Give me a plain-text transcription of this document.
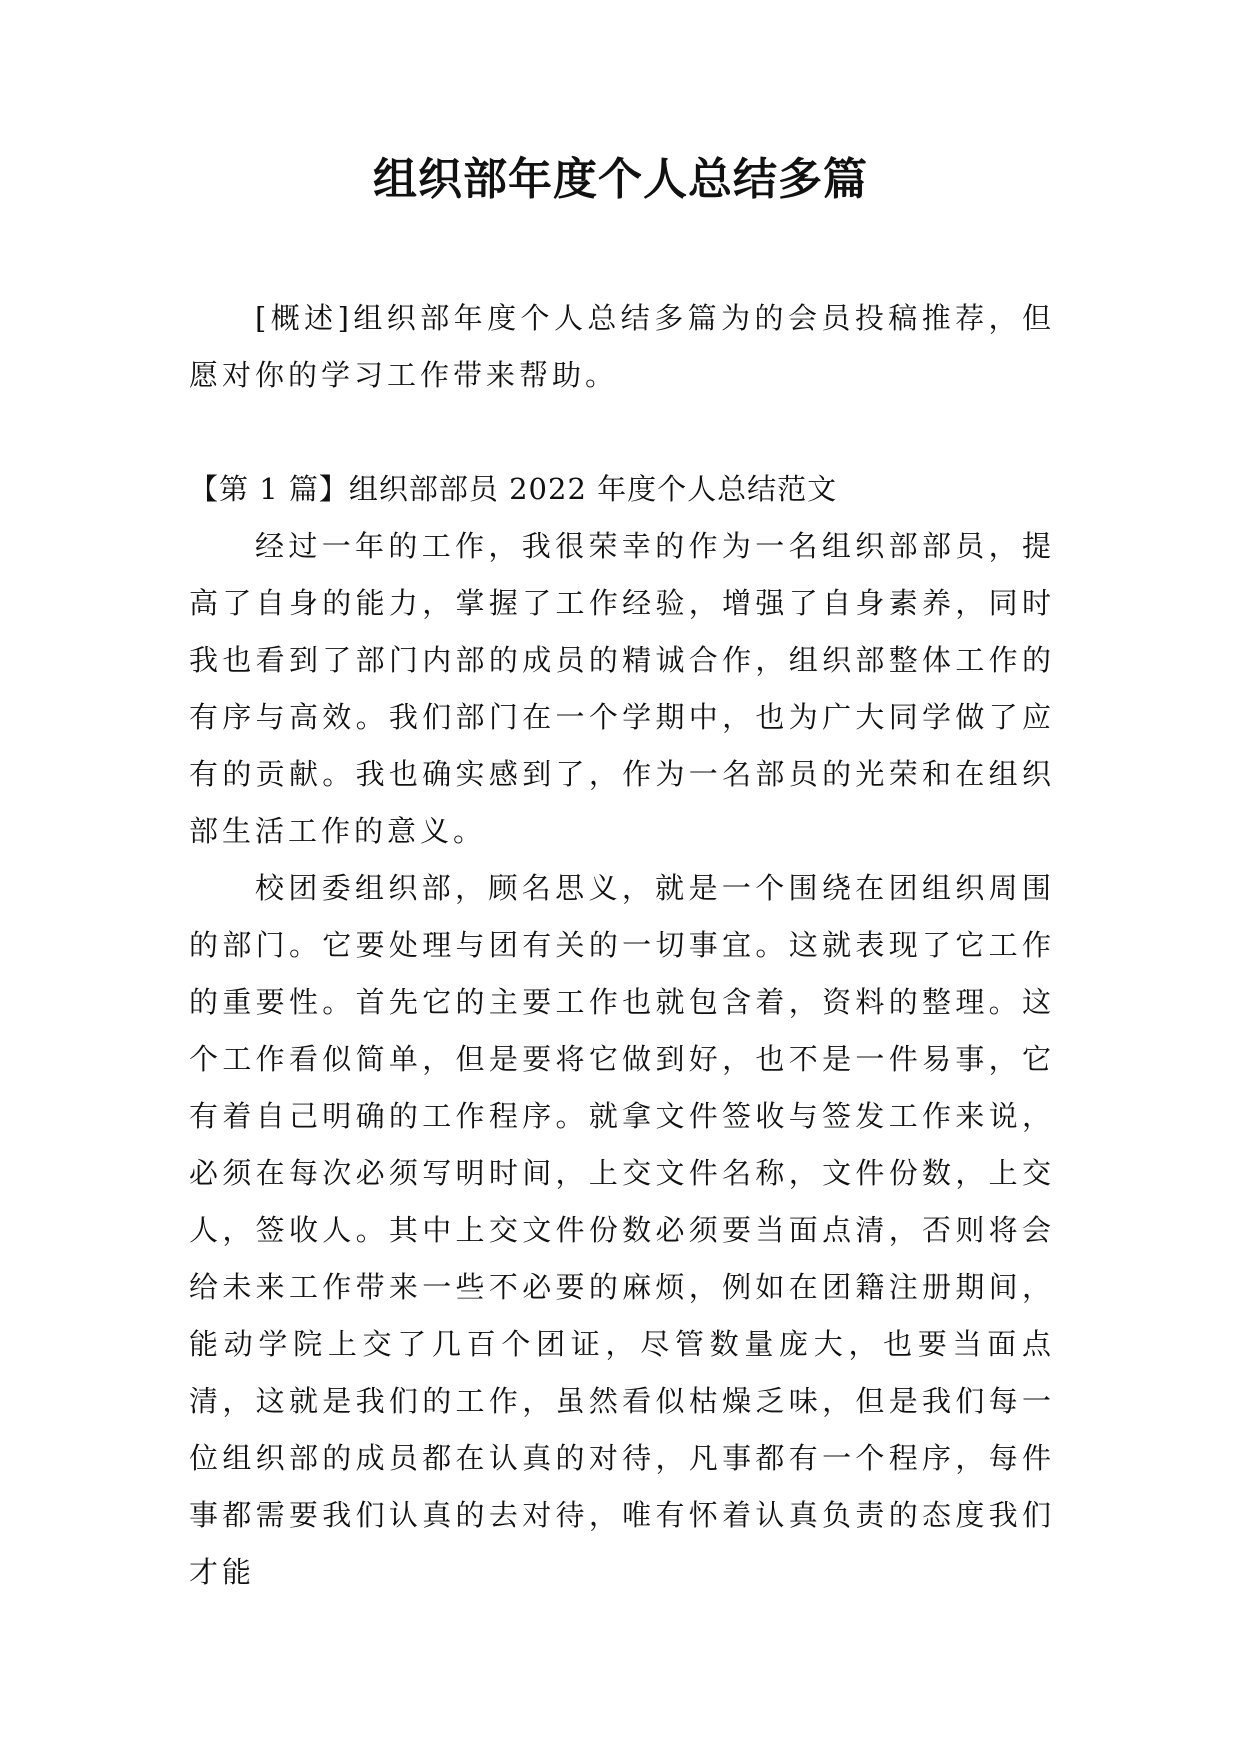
组织部年度个人总结多篇

[概述]组织部年度个人总结多篇为的会员投稿推荐，但愿对你的学习工作带来帮助。

【第 1 篇】组织部部员 2022 年度个人总结范文

经过一年的工作，我很荣幸的作为一名组织部部员，提高了自身的能力，掌握了工作经验，增强了自身素养，同时我也看到了部门内部的成员的精诚合作，组织部整体工作的有序与高效。我们部门在一个学期中，也为广大同学做了应有的贡献。我也确实感到了，作为一名部员的光荣和在组织部生活工作的意义。

校团委组织部，顾名思义，就是一个围绕在团组织周围的部门。它要处理与团有关的一切事宜。这就表现了它工作的重要性。首先它的主要工作也就包含着，资料的整理。这个工作看似简单，但是要将它做到好，也不是一件易事，它有着自己明确的工作程序。就拿文件签收与签发工作来说，必须在每次必须写明时间，上交文件名称，文件份数，上交人，签收人。其中上交文件份数必须要当面点清，否则将会给未来工作带来一些不必要的麻烦，例如在团籍注册期间，能动学院上交了几百个团证，尽管数量庞大，也要当面点清，这就是我们的工作，虽然看似枯燥乏味，但是我们每一位组织部的成员都在认真的对待，凡事都有一个程序，每件事都需要我们认真的去对待，唯有怀着认真负责的态度我们才能
